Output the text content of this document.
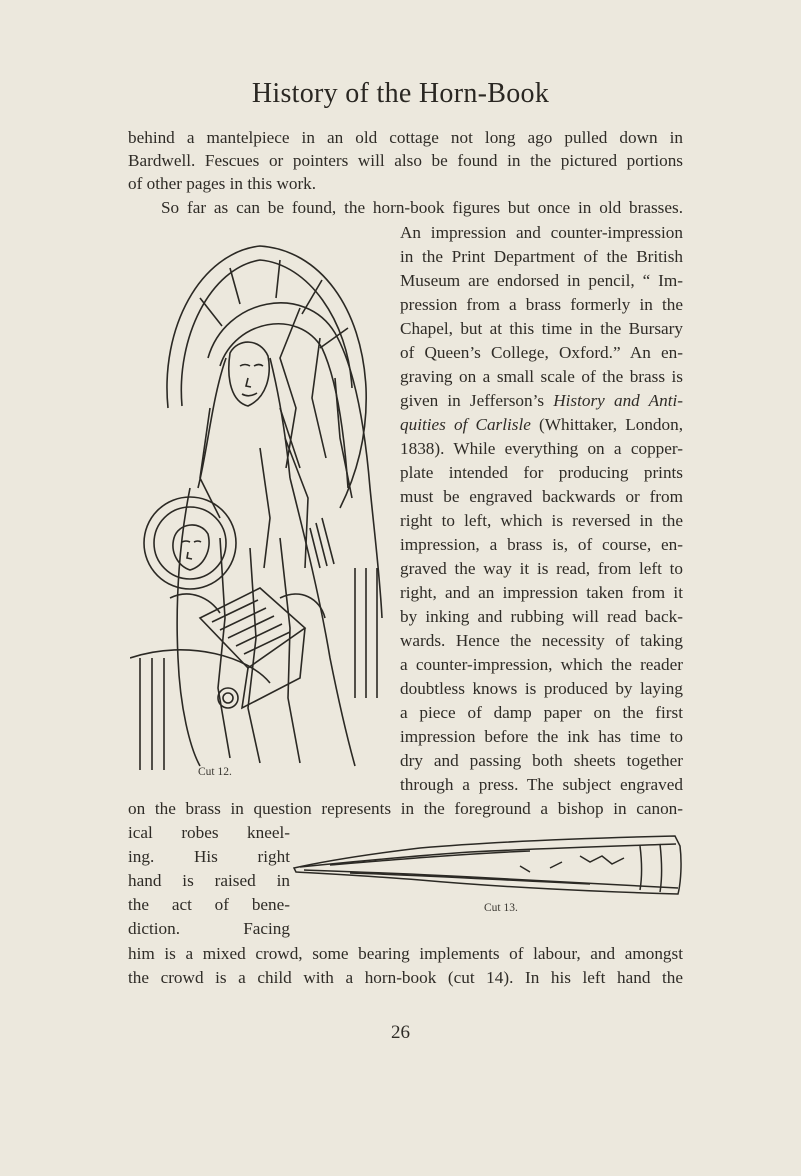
History of the Horn-Book
behind a mantelpiece in an old cottage not long ago pulled down in
Bardwell. Fescues or pointers will also be found in the pictured portions
of other pages in this work.
So far as can be found, the horn-book figures but once in old brasses.
An impression and counter-impression
in the Print Department of the British
Museum are endorsed in pencil, “ Im-
pression from a brass formerly in the
Chapel, but at this time in the Bursary
of Queen’s College, Oxford.” An en-
graving on a small scale of the brass is
given in Jefferson’s History and Anti-
quities of Carlisle (Whittaker, London,
1838). While everything on a copper-
plate intended for producing prints
must be engraved backwards or from
right to left, which is reversed in the
impression, a brass is, of course, en-
graved the way it is read, from left to
right, and an impression taken from it
by inking and rubbing will read back-
wards. Hence the necessity of taking
a counter-impression, which the reader
doubtless knows is produced by laying
a piece of damp paper on the first
impression before the ink has time to
dry and passing both sheets together
through a press. The subject engraved
on the brass in question represents in the foreground a bishop in canon-
ical robes kneel-
ing. His right
hand is raised in
the act of bene-
diction. Facing
him is a mixed crowd, some bearing implements of labour, and amongst
the crowd is a child with a horn-book (cut 14). In his left hand the
Cut 12.
Cut 13.
26
